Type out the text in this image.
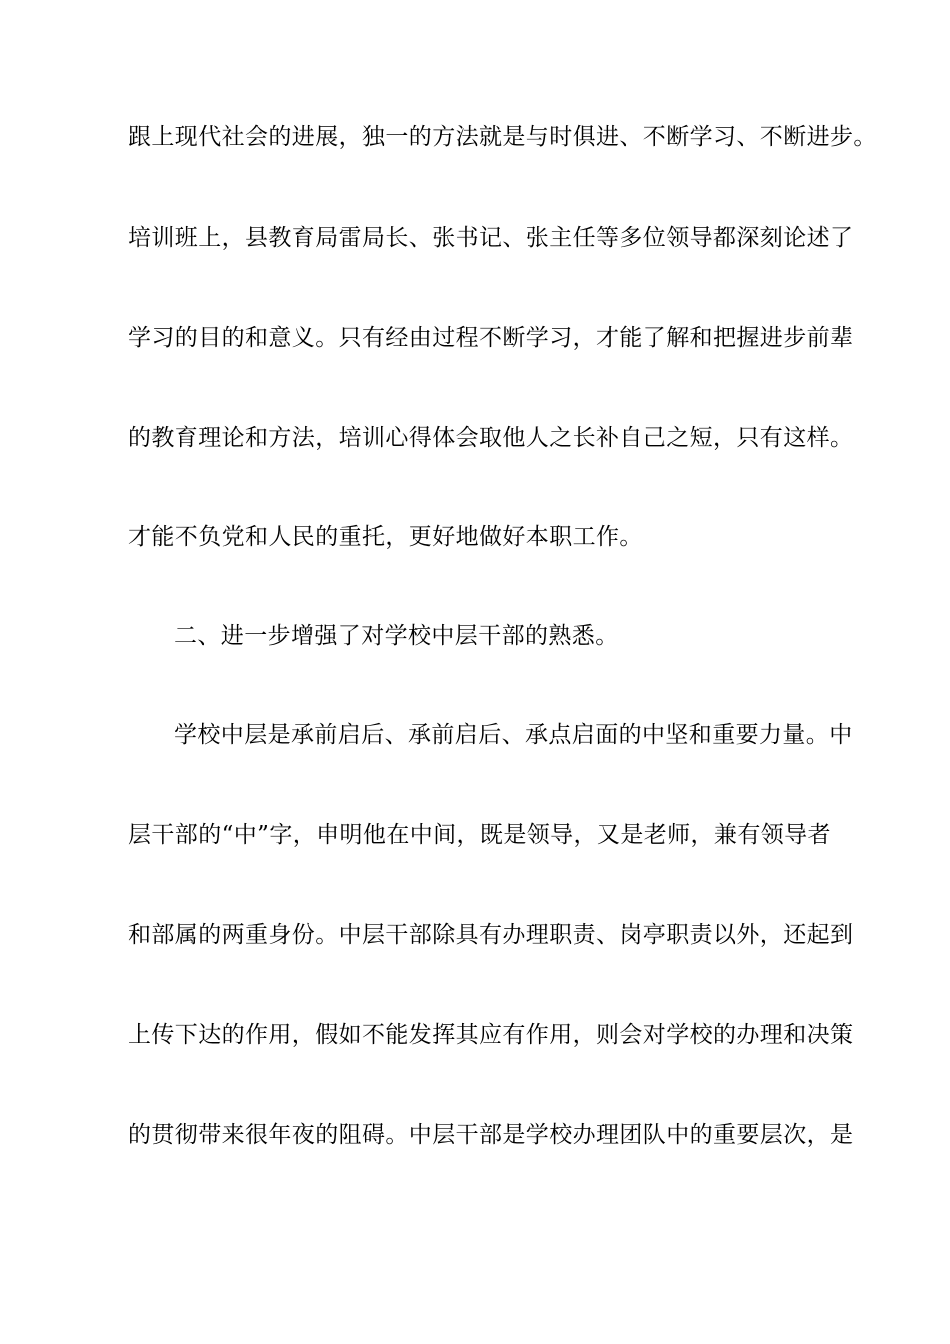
跟上现代社会的进展，独一的方法就是与时俱进、不断学习、不断进步。
培训班上，县教育局雷局长、张书记、张主任等多位领导都深刻论述了
学习的目的和意义。只有经由过程不断学习，才能了解和把握进步前辈
的教育理论和方法，培训心得体会取他人之长补自己之短，只有这样。
才能不负党和人民的重托，更好地做好本职工作。
二、进一步增强了对学校中层干部的熟悉。
学校中层是承前启后、承前启后、承点启面的中坚和重要力量。中
层干部的“中”字，申明他在中间，既是领导，又是老师，兼有领导者
和部属的两重身份。中层干部除具有办理职责、岗亭职责以外，还起到
上传下达的作用，假如不能发挥其应有作用，则会对学校的办理和决策
的贯彻带来很年夜的阻碍。中层干部是学校办理团队中的重要层次，是
